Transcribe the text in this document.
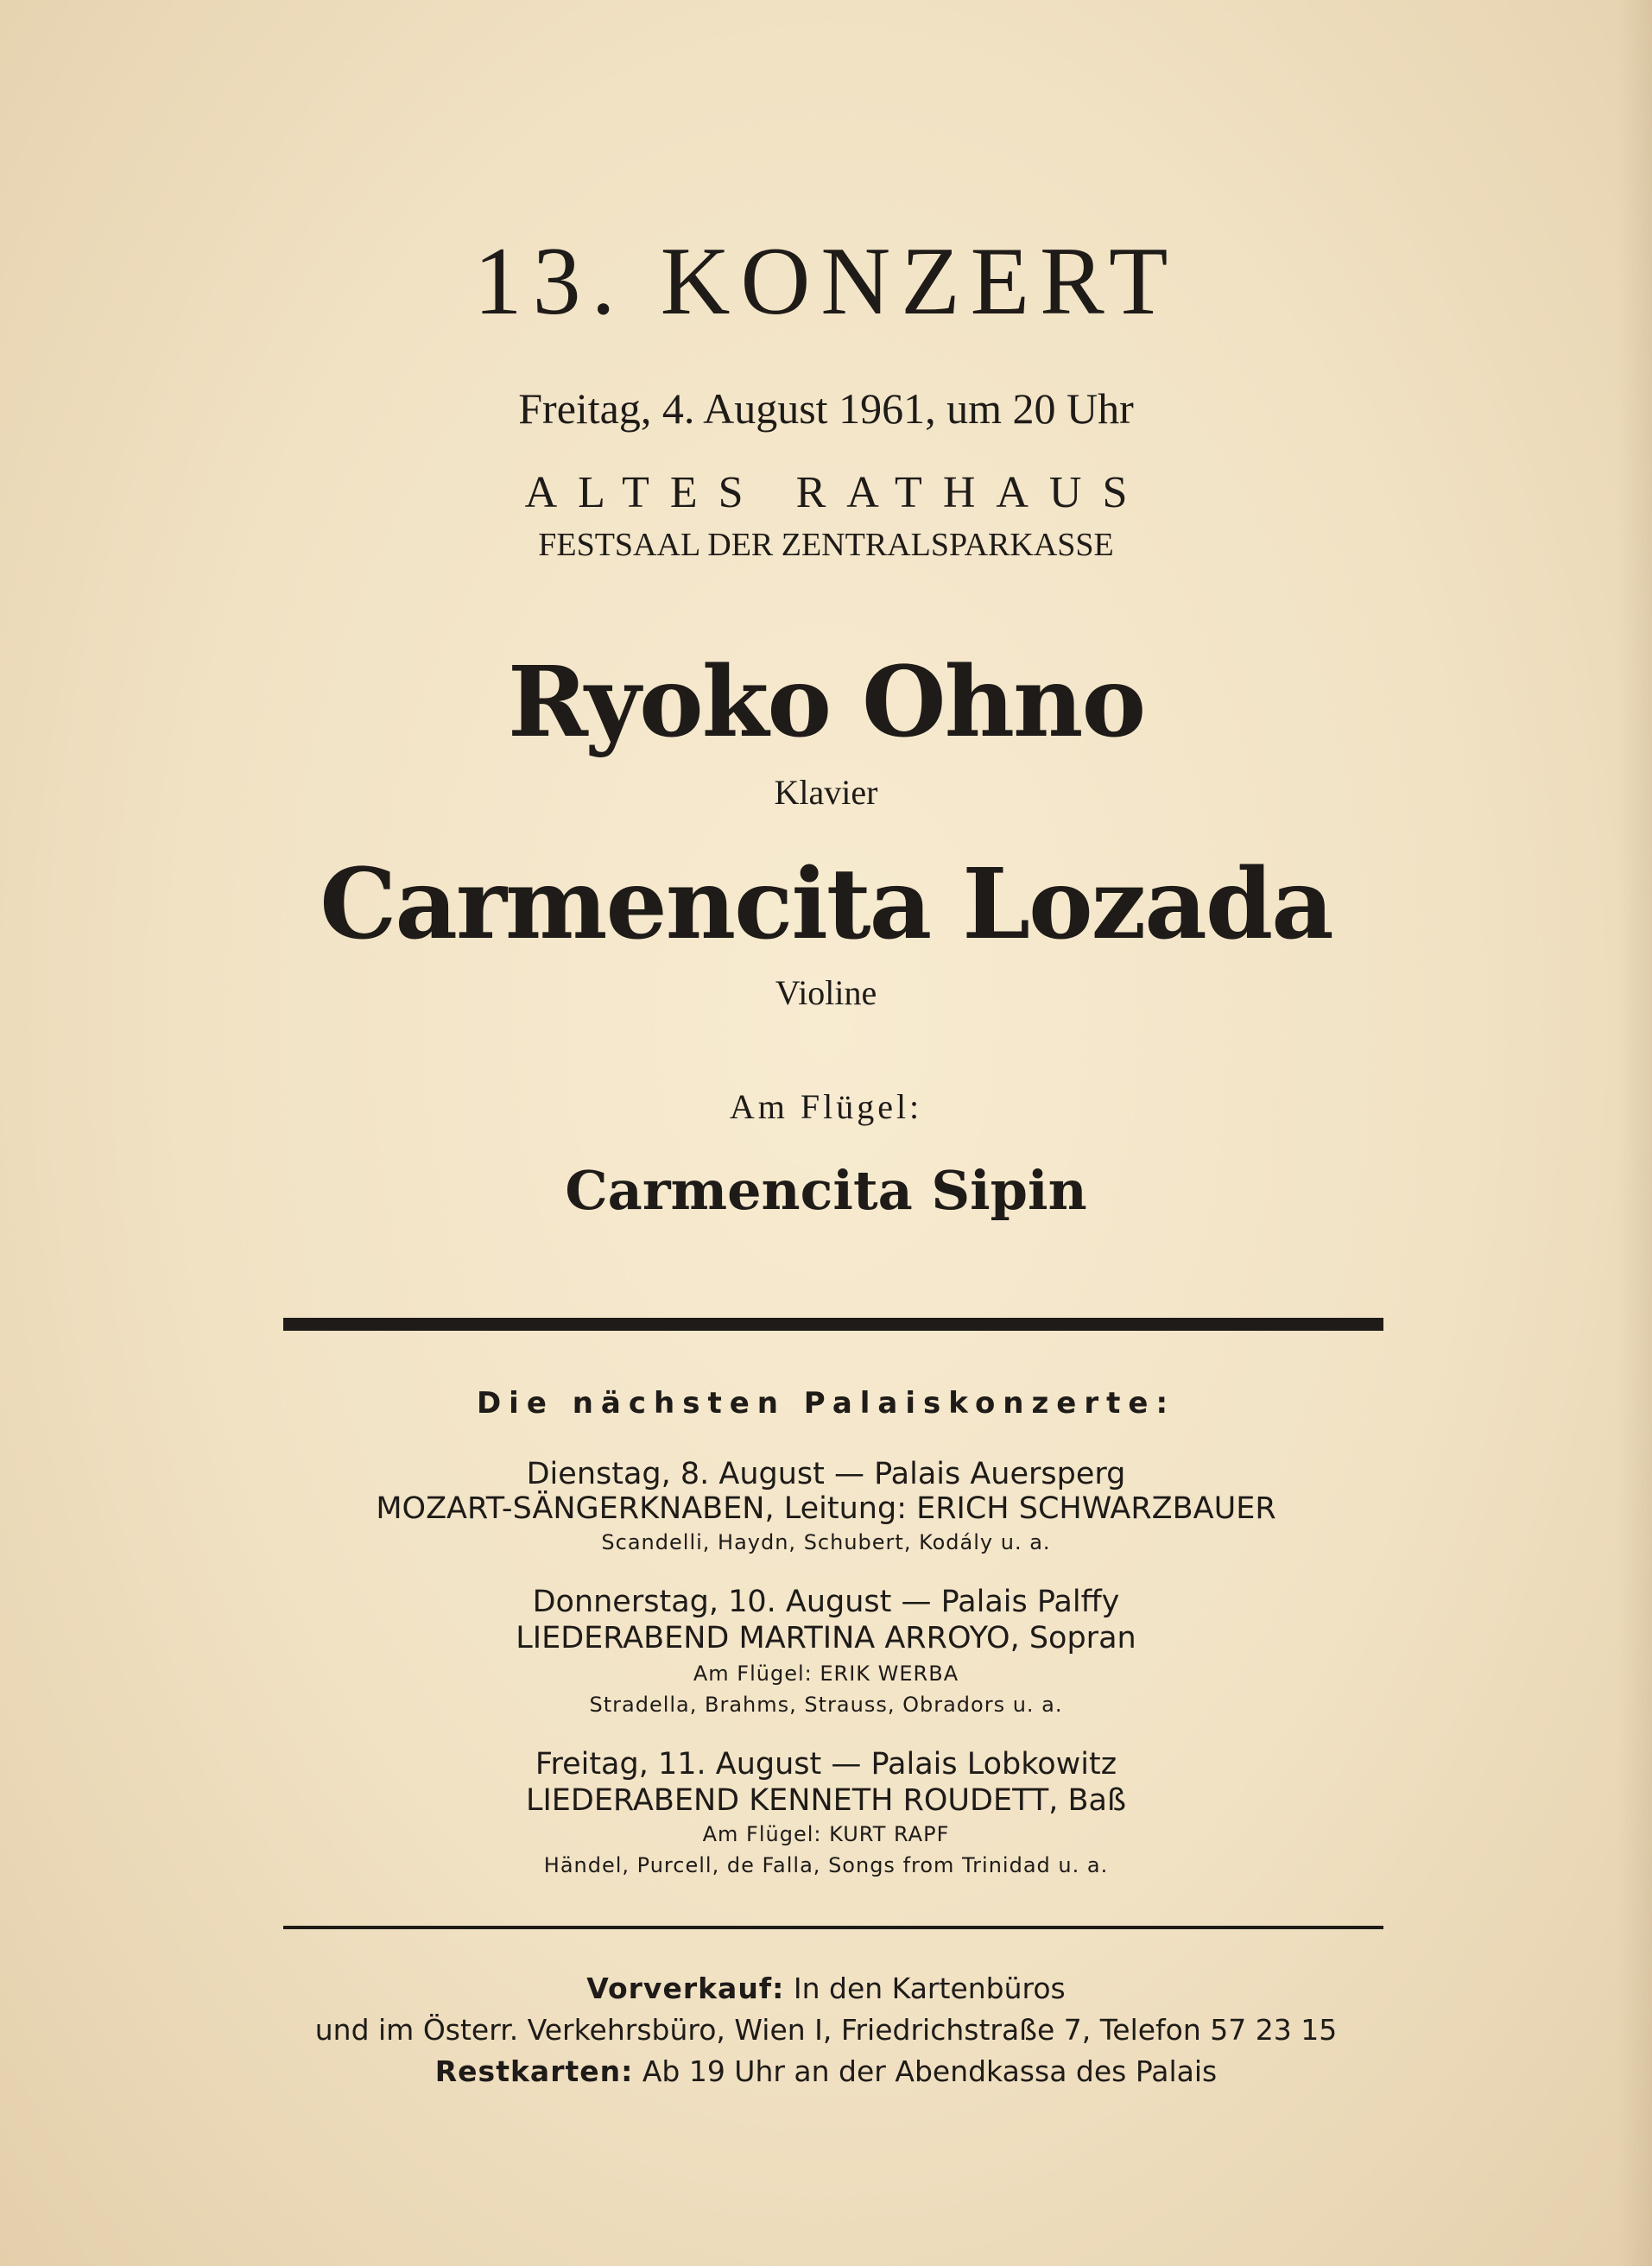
13. KONZERT
Freitag, 4. August 1961, um 20 Uhr
ALTES RATHAUS
FESTSAAL DER ZENTRALSPARKASSE
Ryoko Ohno
Klavier
Carmencita Lozada
Violine
Am Flügel:
Carmencita Sipin
Die nächsten Palaiskonzerte:
Dienstag, 8. August — Palais Auersperg
MOZART-SÄNGERKNABEN, Leitung: ERICH SCHWARZBAUER
Scandelli, Haydn, Schubert, Kodály u. a.
Donnerstag, 10. August — Palais Palffy
LIEDERABEND MARTINA ARROYO, Sopran
Am Flügel: ERIK WERBA
Stradella, Brahms, Strauss, Obradors u. a.
Freitag, 11. August — Palais Lobkowitz
LIEDERABEND KENNETH ROUDETT, Baß
Am Flügel: KURT RAPF
Händel, Purcell, de Falla, Songs from Trinidad u. a.
Vorverkauf: In den Kartenbüros
und im Österr. Verkehrsbüro, Wien I, Friedrichstraße 7, Telefon 57 23 15
Restkarten: Ab 19 Uhr an der Abendkassa des Palais
